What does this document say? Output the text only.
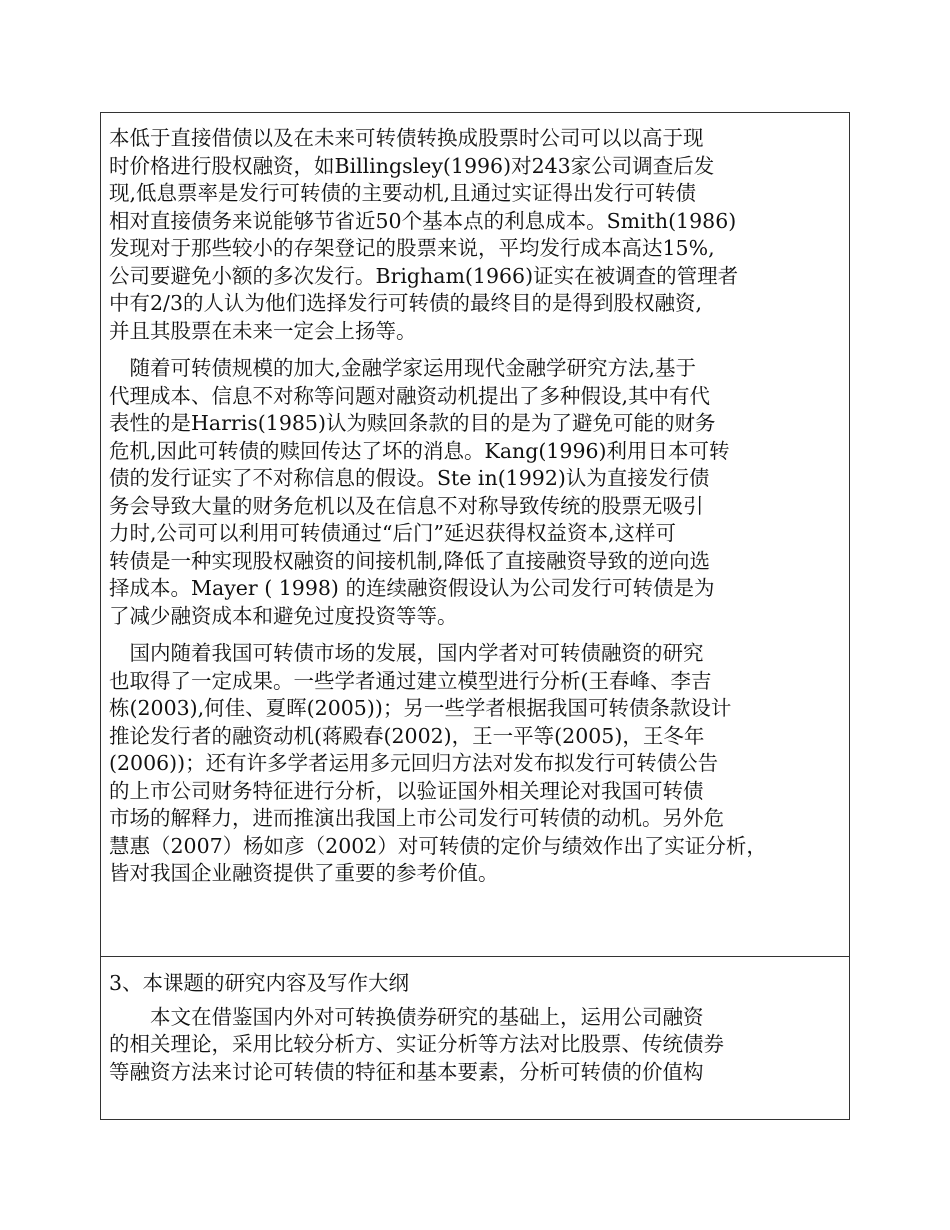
本低于直接借债以及在未来可转债转换成股票时公司可以以高于现
时价格进行股权融资，如Billingsley(1996)对243家公司调查后发
现,低息票率是发行可转债的主要动机,且通过实证得出发行可转债
相对直接债务来说能够节省近50个基本点的利息成本。Smith(1986)
发现对于那些较小的存架登记的股票来说，平均发行成本高达15%,
公司要避免小额的多次发行。Brigham(1966)证实在被调查的管理者
中有2/3的人认为他们选择发行可转债的最终目的是得到股权融资,
并且其股票在未来一定会上扬等。
　随着可转债规模的加大,金融学家运用现代金融学研究方法,基于
代理成本、信息不对称等问题对融资动机提出了多种假设,其中有代
表性的是Harris(1985)认为赎回条款的目的是为了避免可能的财务
危机,因此可转债的赎回传达了坏的消息。Kang(1996)利用日本可转
债的发行证实了不对称信息的假设。Ste in(1992)认为直接发行债
务会导致大量的财务危机以及在信息不对称导致传统的股票无吸引
力时,公司可以利用可转债通过“后门”延迟获得权益资本,这样可
转债是一种实现股权融资的间接机制,降低了直接融资导致的逆向选
择成本。Mayer ( 1998) 的连续融资假设认为公司发行可转债是为
了减少融资成本和避免过度投资等等。
　国内随着我国可转债市场的发展，国内学者对可转债融资的研究
也取得了一定成果。一些学者通过建立模型进行分析(王春峰、李吉
栋(2003),何佳、夏晖(2005))；另一些学者根据我国可转债条款设计
推论发行者的融资动机(蒋殿春(2002)，王一平等(2005)，王冬年
(2006))；还有许多学者运用多元回归方法对发布拟发行可转债公告
的上市公司财务特征进行分析，以验证国外相关理论对我国可转债
市场的解释力，进而推演出我国上市公司发行可转债的动机。另外危
慧惠（2007）杨如彦（2002）对可转债的定价与绩效作出了实证分析，
皆对我国企业融资提供了重要的参考价值。
3、本课题的研究内容及写作大纲
　　本文在借鉴国内外对可转换债券研究的基础上，运用公司融资
的相关理论，采用比较分析方、实证分析等方法对比股票、传统债券
等融资方法来讨论可转债的特征和基本要素，分析可转债的价值构
